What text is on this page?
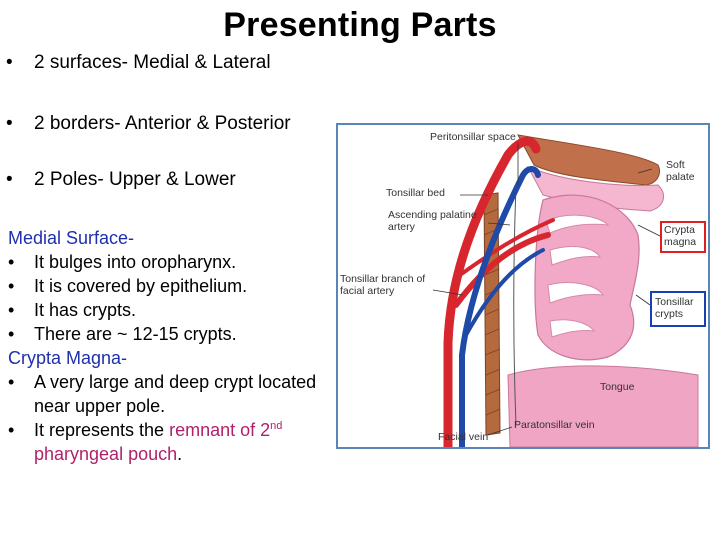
Presenting Parts
• 2 surfaces- Medial & Lateral
• 2 borders- Anterior & Posterior
• 2 Poles- Upper & Lower
Medial Surface-
• It bulges into oropharynx.
• It is covered by epithelium.
• It has crypts.
• There are ~ 12-15 crypts.
Crypta Magna-
• A very large and deep crypt located near upper pole.
• It represents the remnant of 2nd pharyngeal pouch.
Peritonsillar space
Soft palate
Tonsillar bed
Ascending palatine artery	Crypta magna
Tonsillar branch of facial artery
Tonsillar crypts
Tongue
Paratonsillar vein
Facial vein
